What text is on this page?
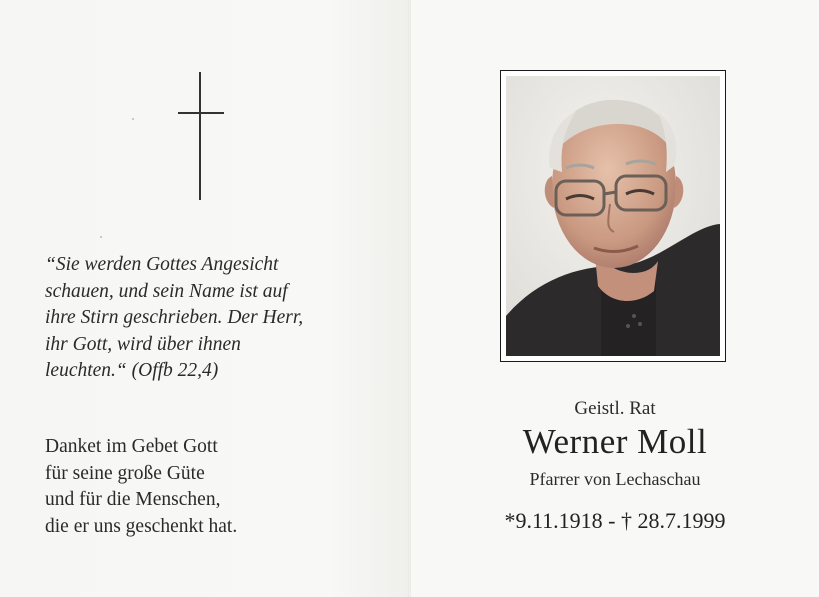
“Sie werden Gottes Angesicht
schauen, und sein Name ist auf
ihre Stirn geschrieben. Der Herr,
ihr Gott, wird über ihnen
leuchten.“ (Offb 22,4)
Danket im Gebet Gott
für seine große Güte
und für die Menschen,
die er uns geschenkt hat.
Geistl. Rat
Werner Moll
Pfarrer von Lechaschau
*9.11.1918 - † 28.7.1999
